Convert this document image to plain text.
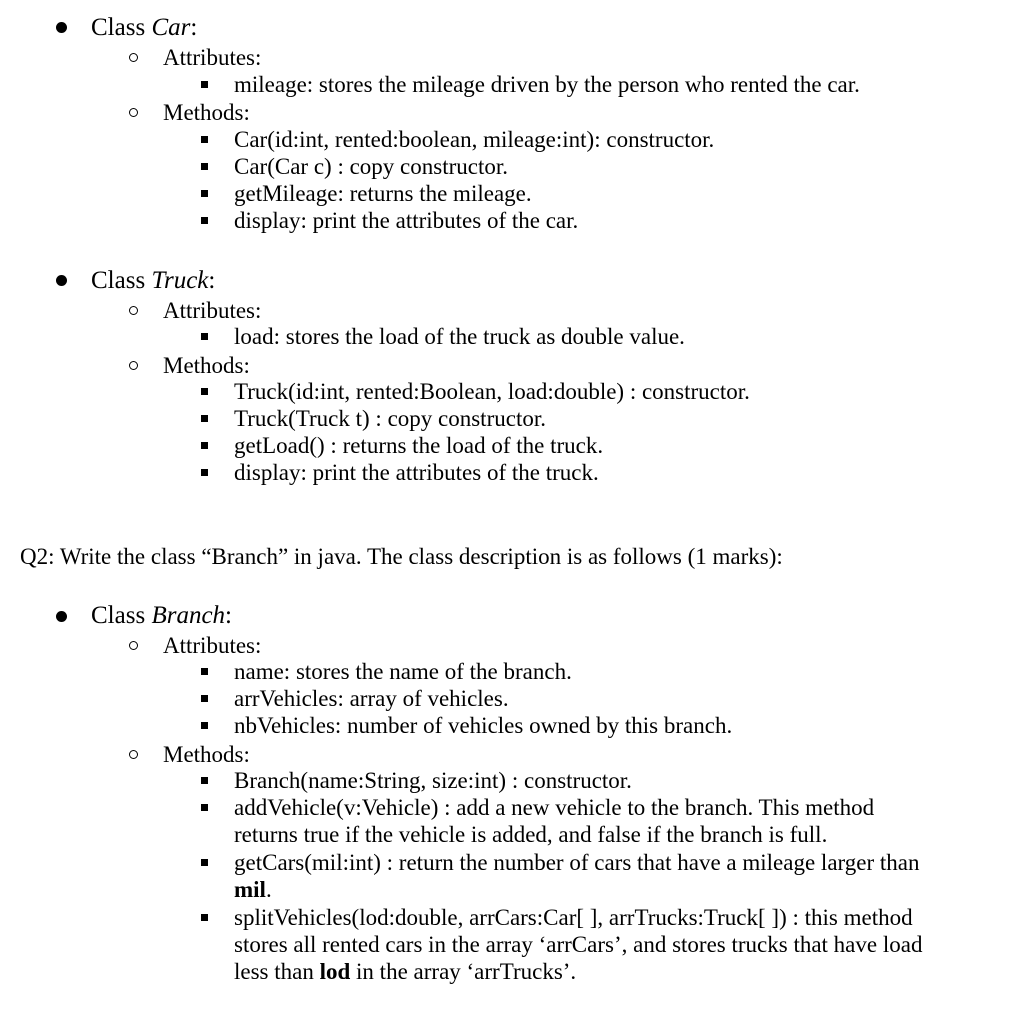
Class Car:
Attributes:
mileage: stores the mileage driven by the person who rented the car.
Methods:
Car(id:int, rented:boolean, mileage:int): constructor.
Car(Car c) : copy constructor.
getMileage: returns the mileage.
display: print the attributes of the car.
Class Truck:
Attributes:
load: stores the load of the truck as double value.
Methods:
Truck(id:int, rented:Boolean, load:double) : constructor.
Truck(Truck t) : copy constructor.
getLoad() : returns the load of the truck.
display: print the attributes of the truck.
Q2: Write the class “Branch” in java. The class description is as follows (1 marks):
Class Branch:
Attributes:
name: stores the name of the branch.
arrVehicles: array of vehicles.
nbVehicles: number of vehicles owned by this branch.
Methods:
Branch(name:String, size:int) : constructor.
addVehicle(v:Vehicle) : add a new vehicle to the branch. This method
returns true if the vehicle is added, and false if the branch is full.
getCars(mil:int) : return the number of cars that have a mileage larger than
mil.
splitVehicles(lod:double, arrCars:Car[ ], arrTrucks:Truck[ ]) : this method
stores all rented cars in the array ‘arrCars’, and stores trucks that have load
less than lod in the array ‘arrTrucks’.
